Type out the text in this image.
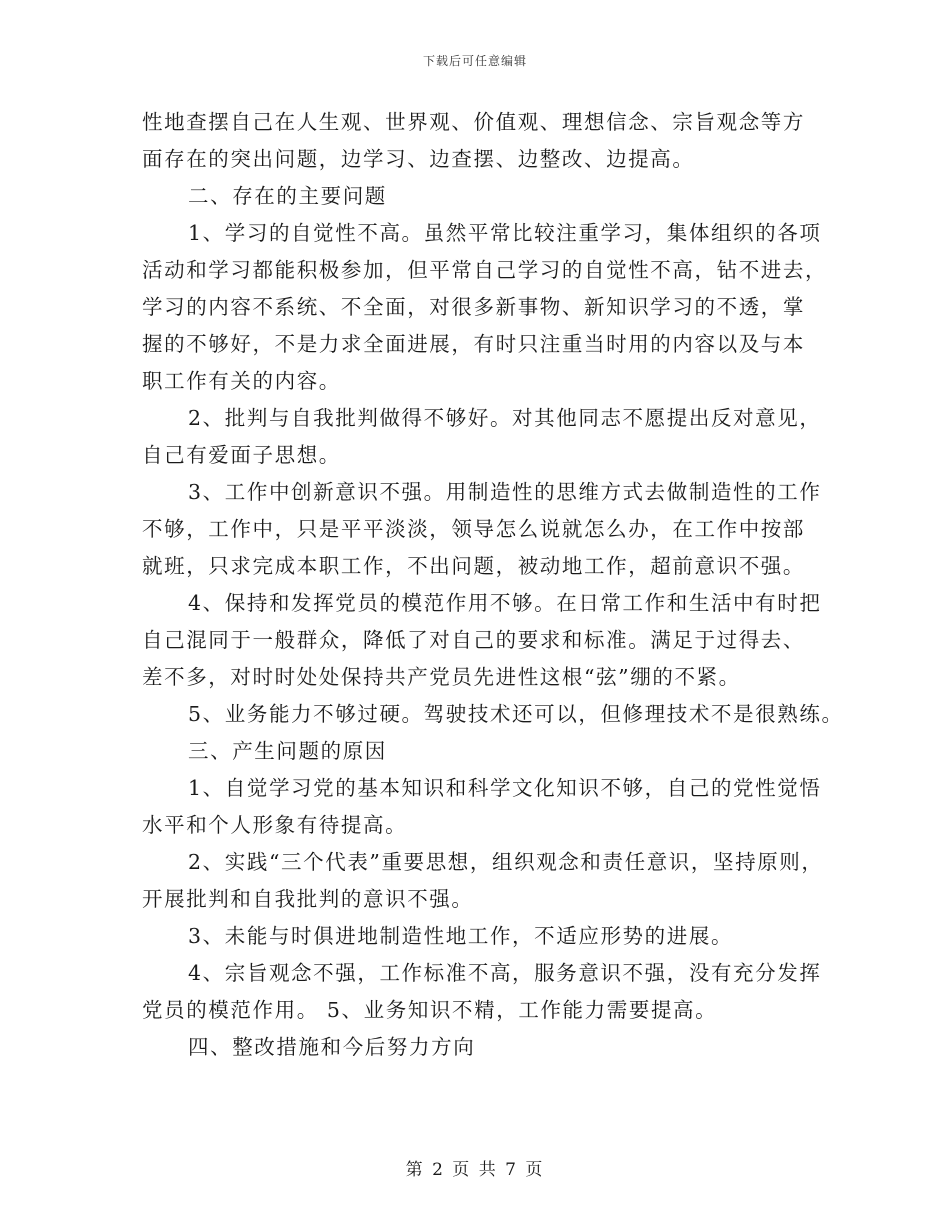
下载后可任意编辑
性地查摆自己在人生观、世界观、价值观、理想信念、宗旨观念等方
面存在的突出问题，边学习、边查摆、边整改、边提高。
二、存在的主要问题
1、学习的自觉性不高。虽然平常比较注重学习，集体组织的各项
活动和学习都能积极参加，但平常自己学习的自觉性不高，钻不进去，
学习的内容不系统、不全面，对很多新事物、新知识学习的不透，掌
握的不够好，不是力求全面进展，有时只注重当时用的内容以及与本
职工作有关的内容。
2、批判与自我批判做得不够好。对其他同志不愿提出反对意见，
自己有爱面子思想。
3、工作中创新意识不强。用制造性的思维方式去做制造性的工作
不够，工作中，只是平平淡淡，领导怎么说就怎么办，在工作中按部
就班，只求完成本职工作，不出问题，被动地工作，超前意识不强。
4、保持和发挥党员的模范作用不够。在日常工作和生活中有时把
自己混同于一般群众，降低了对自己的要求和标准。满足于过得去、
差不多，对时时处处保持共产党员先进性这根“弦”绷的不紧。
5、业务能力不够过硬。驾驶技术还可以，但修理技术不是很熟练。
三、产生问题的原因
1、自觉学习党的基本知识和科学文化知识不够，自己的党性觉悟
水平和个人形象有待提高。
2、实践“三个代表”重要思想，组织观念和责任意识，坚持原则，
开展批判和自我批判的意识不强。
3、未能与时俱进地制造性地工作，不适应形势的进展。
4、宗旨观念不强，工作标准不高，服务意识不强，没有充分发挥
党员的模范作用。 5、业务知识不精，工作能力需要提高。
四、整改措施和今后努力方向
第 2 页 共 7 页
